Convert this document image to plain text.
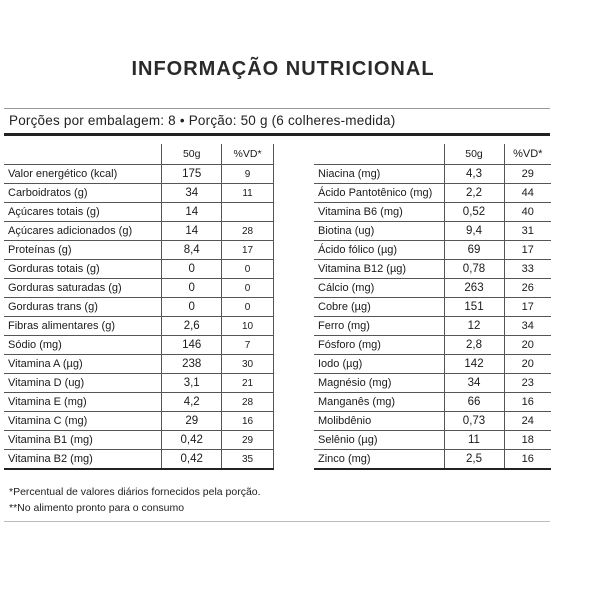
INFORMAÇÃO NUTRICIONAL
Porções por embalagem: 8 • Porção: 50 g (6 colheres-medida)
	50g	%VD*
Valor energético (kcal)	175	9
Carboidratos (g)	34	11
Açúcares totais (g)	14	
Açúcares adicionados (g)	14	28
Proteínas (g)	8,4	17
Gorduras totais (g)	0	0
Gorduras saturadas (g)	0	0
Gorduras trans (g)	0	0
Fibras alimentares (g)	2,6	10
Sódio (mg)	146	7
Vitamina A (µg)	238	30
Vitamina D (ug)	3,1	21
Vitamina E (mg)	4,2	28
Vitamina C (mg)	29	16
Vitamina B1 (mg)	0,42	29
Vitamina B2 (mg)	0,42	35
	50g	%VD*
Niacina (mg)	4,3	29
Ácido Pantotênico (mg)	2,2	44
Vitamina B6 (mg)	0,52	40
Biotina (ug)	9,4	31
Ácido fólico (µg)	69	17
Vitamina B12 (µg)	0,78	33
Cálcio (mg)	263	26
Cobre (µg)	151	17
Ferro (mg)	12	34
Fósforo (mg)	2,8	20
Iodo (µg)	142	20
Magnésio (mg)	34	23
Manganês (mg)	66	16
Molibdênio	0,73	24
Selênio (µg)	11	18
Zinco (mg)	2,5	16
*Percentual de valores diários fornecidos pela porção.
**No alimento pronto para o consumo
